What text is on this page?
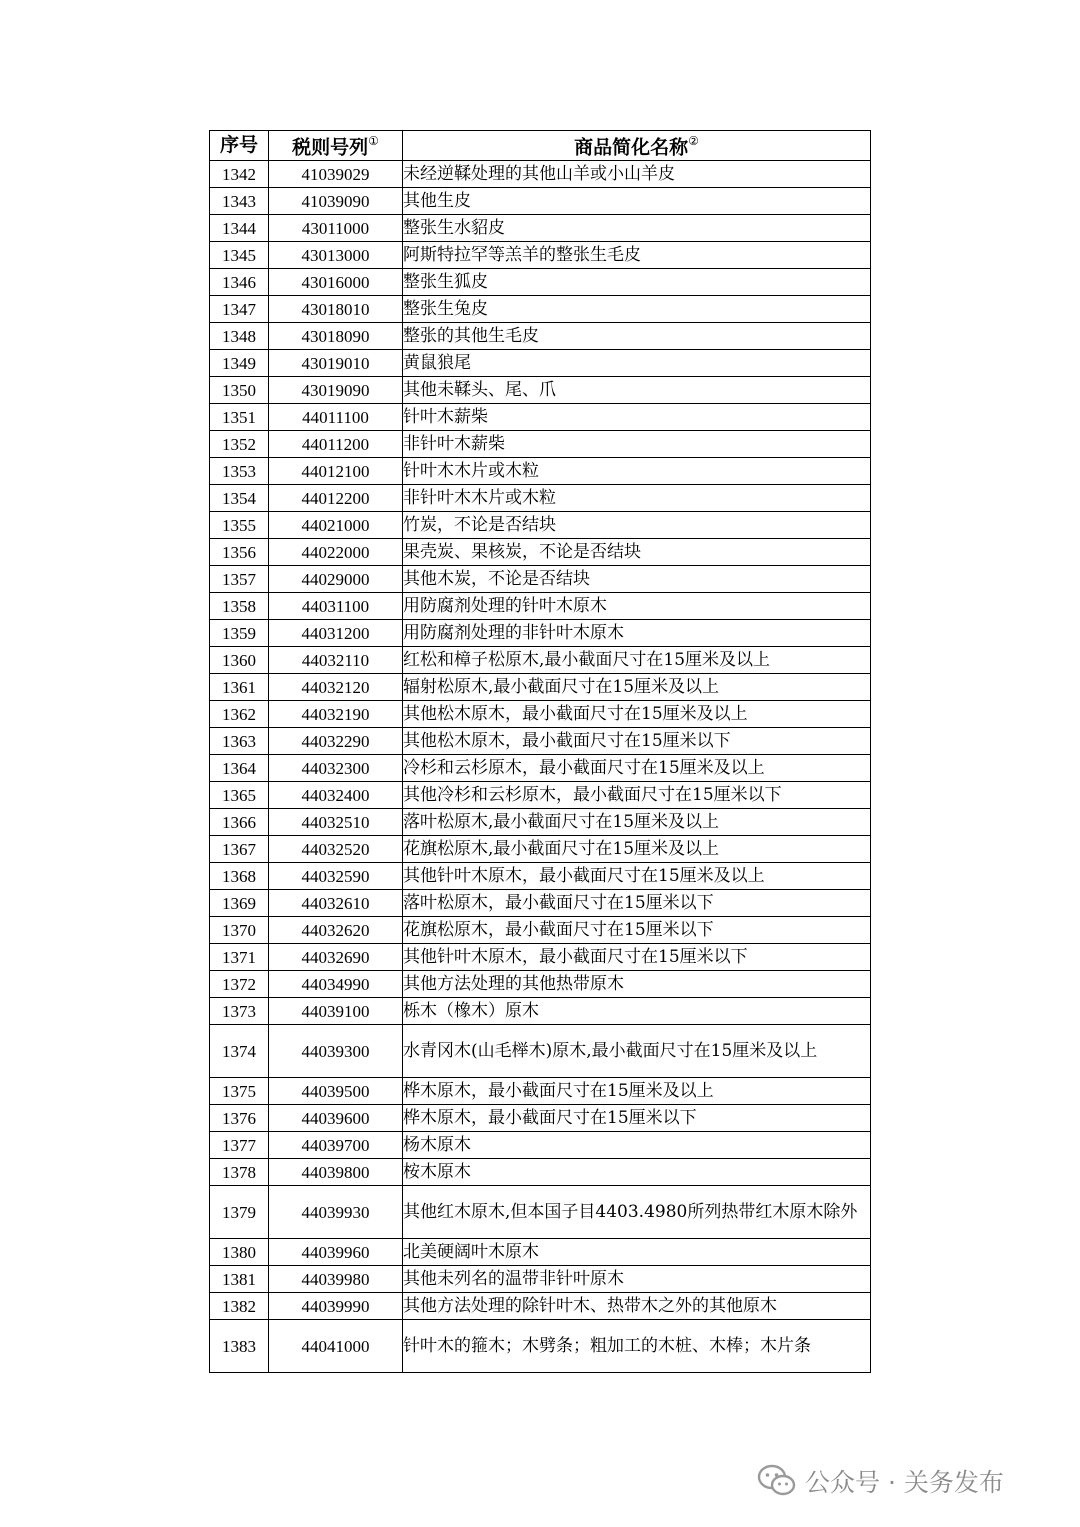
序号	税则号列①	商品简化名称②
1342	41039029	未经逆鞣处理的其他山羊或小山羊皮
1343	41039090	其他生皮
1344	43011000	整张生水貂皮
1345	43013000	阿斯特拉罕等羔羊的整张生毛皮
1346	43016000	整张生狐皮
1347	43018010	整张生兔皮
1348	43018090	整张的其他生毛皮
1349	43019010	黄鼠狼尾
1350	43019090	其他未鞣头、尾、爪
1351	44011100	针叶木薪柴
1352	44011200	非针叶木薪柴
1353	44012100	针叶木木片或木粒
1354	44012200	非针叶木木片或木粒
1355	44021000	竹炭，不论是否结块
1356	44022000	果壳炭、果核炭，不论是否结块
1357	44029000	其他木炭，不论是否结块
1358	44031100	用防腐剂处理的针叶木原木
1359	44031200	用防腐剂处理的非针叶木原木
1360	44032110	红松和樟子松原木,最小截面尺寸在15厘米及以上
1361	44032120	辐射松原木,最小截面尺寸在15厘米及以上
1362	44032190	其他松木原木，最小截面尺寸在15厘米及以上
1363	44032290	其他松木原木，最小截面尺寸在15厘米以下
1364	44032300	冷杉和云杉原木，最小截面尺寸在15厘米及以上
1365	44032400	其他冷杉和云杉原木，最小截面尺寸在15厘米以下
1366	44032510	落叶松原木,最小截面尺寸在15厘米及以上
1367	44032520	花旗松原木,最小截面尺寸在15厘米及以上
1368	44032590	其他针叶木原木，最小截面尺寸在15厘米及以上
1369	44032610	落叶松原木，最小截面尺寸在15厘米以下
1370	44032620	花旗松原木，最小截面尺寸在15厘米以下
1371	44032690	其他针叶木原木，最小截面尺寸在15厘米以下
1372	44034990	其他方法处理的其他热带原木
1373	44039100	栎木（橡木）原木
1374	44039300	水青冈木(山毛榉木)原木,最小截面尺寸在15厘米及以上
1375	44039500	桦木原木，最小截面尺寸在15厘米及以上
1376	44039600	桦木原木，最小截面尺寸在15厘米以下
1377	44039700	杨木原木
1378	44039800	桉木原木
1379	44039930	其他红木原木,但本国子目4403.4980所列热带红木原木除外
1380	44039960	北美硬阔叶木原木
1381	44039980	其他未列名的温带非针叶原木
1382	44039990	其他方法处理的除针叶木、热带木之外的其他原木
1383	44041000	针叶木的箍木；木劈条；粗加工的木桩、木棒；木片条
公众号 · 关务发布
